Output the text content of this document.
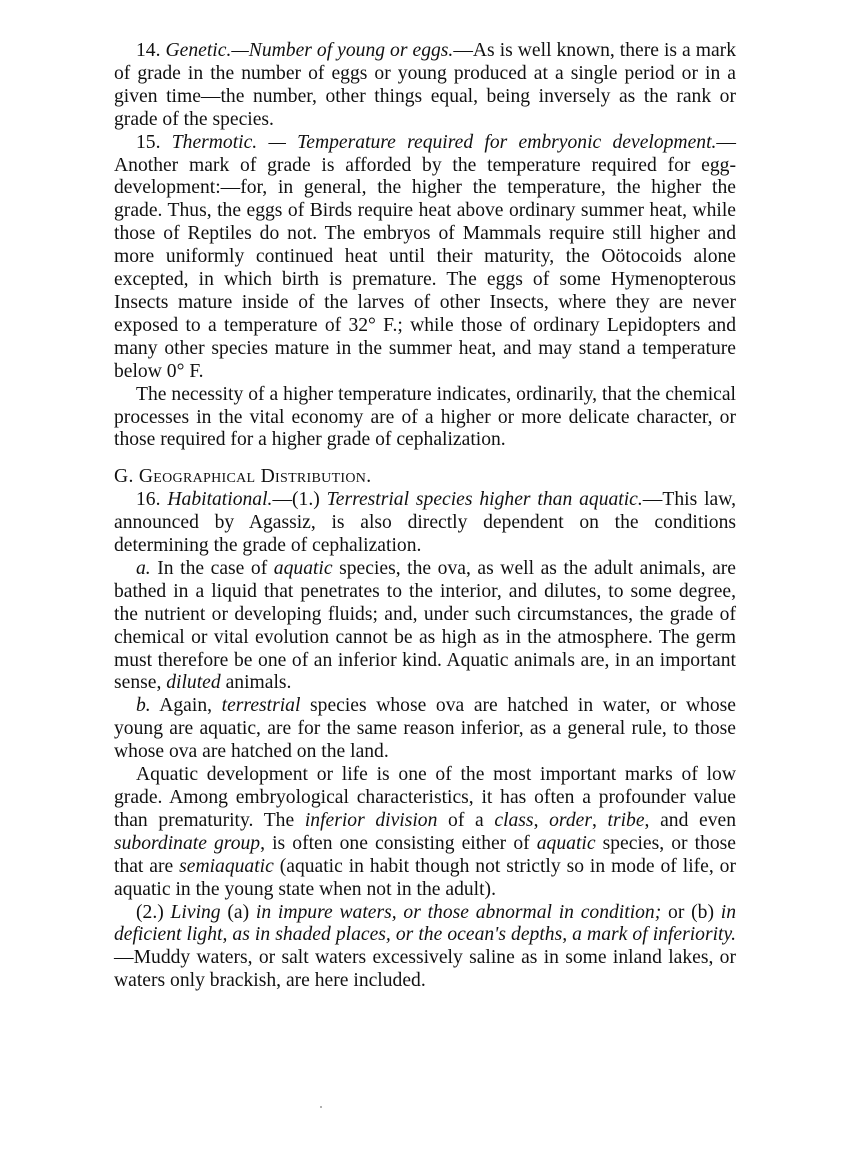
14. Genetic.—Number of young or eggs.—As is well known, there is a mark of grade in the number of eggs or young produced at a single period or in a given time—the number, other things equal, being inversely as the rank or grade of the species.

15. Thermotic. — Temperature required for embryonic development.—Another mark of grade is afforded by the temperature required for egg-development:—for, in general, the higher the temperature, the higher the grade. Thus, the eggs of Birds require heat above ordinary summer heat, while those of Reptiles do not. The embryos of Mammals require still higher and more uniformly continued heat until their maturity, the Oötocoids alone excepted, in which birth is premature. The eggs of some Hymenopterous Insects mature inside of the larves of other Insects, where they are never exposed to a temperature of 32° F.; while those of ordinary Lepidopters and many other species mature in the summer heat, and may stand a temperature below 0° F.

The necessity of a higher temperature indicates, ordinarily, that the chemical processes in the vital economy are of a higher or more delicate character, or those required for a higher grade of cephalization.

G. Geographical Distribution.

16. Habitational.—(1.) Terrestrial species higher than aquatic.—This law, announced by Agassiz, is also directly dependent on the conditions determining the grade of cephalization.

a. In the case of aquatic species, the ova, as well as the adult animals, are bathed in a liquid that penetrates to the interior, and dilutes, to some degree, the nutrient or developing fluids; and, under such circumstances, the grade of chemical or vital evolution cannot be as high as in the atmosphere. The germ must therefore be one of an inferior kind. Aquatic animals are, in an important sense, diluted animals.

b. Again, terrestrial species whose ova are hatched in water, or whose young are aquatic, are for the same reason inferior, as a general rule, to those whose ova are hatched on the land.

Aquatic development or life is one of the most important marks of low grade. Among embryological characteristics, it has often a profounder value than prematurity. The inferior division of a class, order, tribe, and even subordinate group, is often one consisting either of aquatic species, or those that are semiaquatic (aquatic in habit though not strictly so in mode of life, or aquatic in the young state when not in the adult).

(2.) Living (a) in impure waters, or those abnormal in condition; or (b) in deficient light, as in shaded places, or the ocean's depths, a mark of inferiority.—Muddy waters, or salt waters excessively saline as in some inland lakes, or waters only brackish, are here included.
